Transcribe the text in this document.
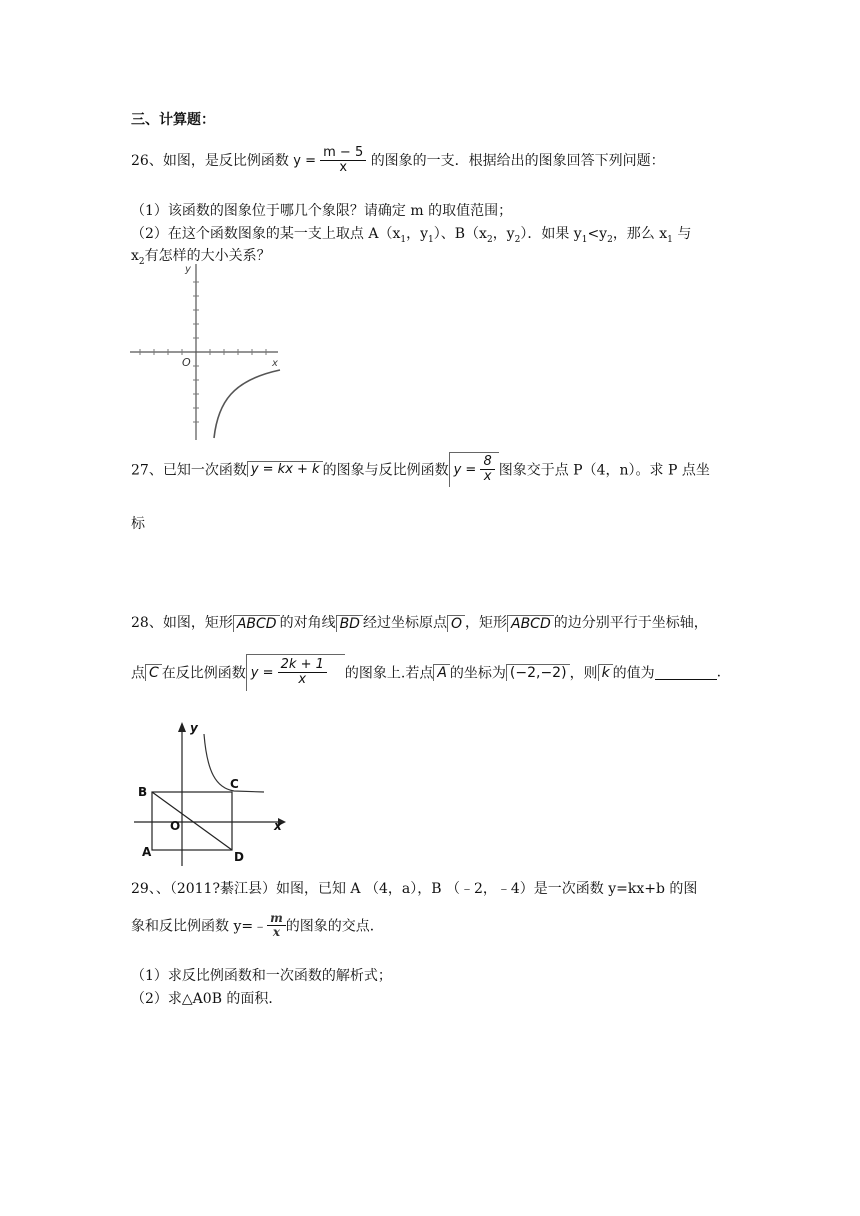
三、计算题：
26、如图，是反比例函数 $y = \frac{m - 5}{x}$ 的图象的一支．根据给出的图象回答下列问题：
（1）该函数的图象位于哪几个象限？请确定 m 的取值范围；
（2）在这个函数图象的某一支上取点 $A(x_1$，$y_1$）、$B(x_2$，$y_2$）．如果 $y_1<y_2$，那么 $x_1$ 与
$x_2$有怎样的大小关系？
y
x
O
27、已知一次函数 y = kx + k 的图象与反比例函数 $y = \frac{8}{x}$ 图象交于点 P（4，n）。求 P 点坐
标
28、如图，矩形 ABCD 的对角线 BD 经过坐标原点 O ，矩形 ABCD 的边分别平行于坐标轴，
点 C 在反比例函数 $y = \frac{2k + 1}{x}$ 的图象上.若点 A 的坐标为 (−2,−2) ，则 k 的值为	.
y
x
B
C
O
A	D
29、、（2011?綦江县）如图，已知 A （4，a），B （﹣2，﹣4）是一次函数 y=kx+b 的图
象和反比例函数 y=﹣ $\frac{m}{x}$ 的图象的交点．
（1）求反比例函数和一次函数的解析式；
（2）求△A0B 的面积．
